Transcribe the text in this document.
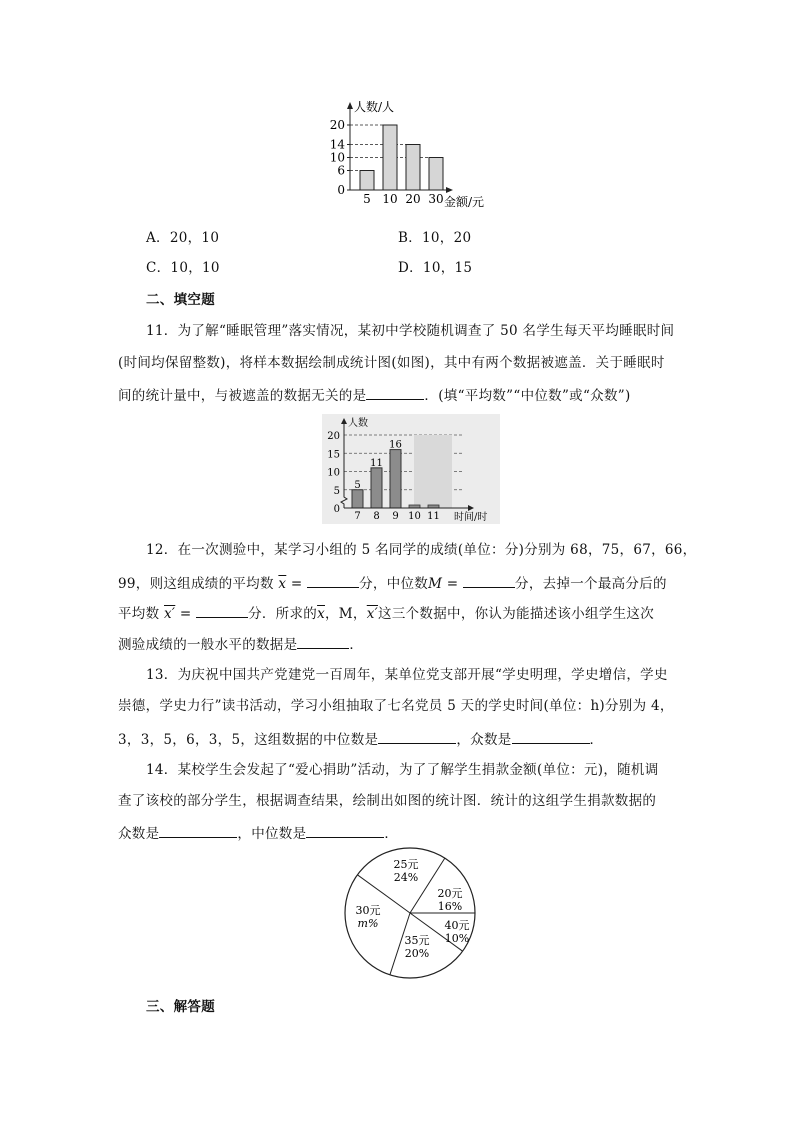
5 10 20 30
0
6
10
14
20
人数/人
金额/元
A．20，10	B．10，20
C．10，10	D．10，15
二、填空题
11．为了解“睡眠管理”落实情况，某初中学校随机调查了 50 名学生每天平均睡眠时间
(时间均保留整数)，将样本数据绘制成统计图(如图)，其中有两个数据被遮盖．关于睡眠时
间的统计量中，与被遮盖的数据无关的是	．(填“平均数”“中位数”或“众数”)
5
7
11
8
16
9 10 11
0
5
10
15
20
人数
时间/时
12．在一次测验中，某学习小组的 5 名同学的成绩(单位：分)分别为 68，75，67，66，
99，则这组成绩的平均数 $\overline{x}$ =	分，中位数M =	分，去掉一个最高分后的
平均数 x′ =	分．所求的$\overline{x}$，M，x′这三个数据中，你认为能描述该小组学生这次
测验成绩的一般水平的数据是	．
13．为庆祝中国共产党建党一百周年，某单位党支部开展“学史明理，学史增信，学史
崇德，学史力行”读书活动，学习小组抽取了七名党员 5 天的学史时间(单位：h)分别为 4，
3，3，5，6，3，5，这组数据的中位数是	，众数是	．
14．某校学生会发起了“爱心捐助”活动，为了了解学生捐款金额(单位：元)，随机调
查了该校的部分学生，根据调查结果，绘制出如图的统计图．统计的这组学生捐款数据的
众数是	，中位数是	．
25元
24%
20元
16%
40元
10%
35元
20%
30元
m%
三、解答题
